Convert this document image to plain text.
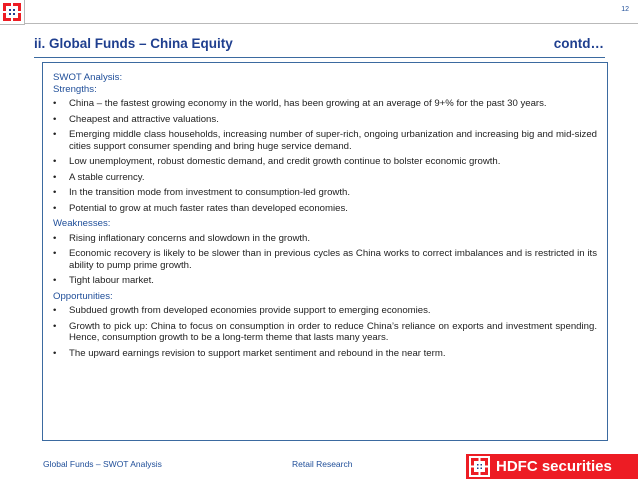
12
ii. Global Funds – China Equity	contd…
SWOT Analysis:
Strengths:
• China – the fastest growing economy in the world, has been growing at an average of 9+% for the past 30 years.
• Cheapest and attractive valuations.
• Emerging middle class households, increasing number of super-rich, ongoing urbanization and increasing big and mid-sized cities support consumer spending and bring huge service demand.
• Low unemployment, robust domestic demand, and credit growth continue to bolster economic growth.
• A stable currency.
• In the transition mode from investment to consumption-led growth.
• Potential to grow at much faster rates than developed economies.
Weaknesses:
• Rising inflationary concerns and slowdown in the growth.
• Economic recovery is likely to be slower than in previous cycles as China works to correct imbalances and is restricted in its ability to pump prime growth.
• Tight labour market.
Opportunities:
• Subdued growth from developed economies provide support to emerging economies.
• Growth to pick up: China to focus on consumption in order to reduce China’s reliance on exports and investment spending. Hence, consumption growth to be a long-term theme that lasts many years.
• The upward earnings revision to support market sentiment and rebound in the near term.
Global Funds – SWOT Analysis	Retail Research	HDFC securities
